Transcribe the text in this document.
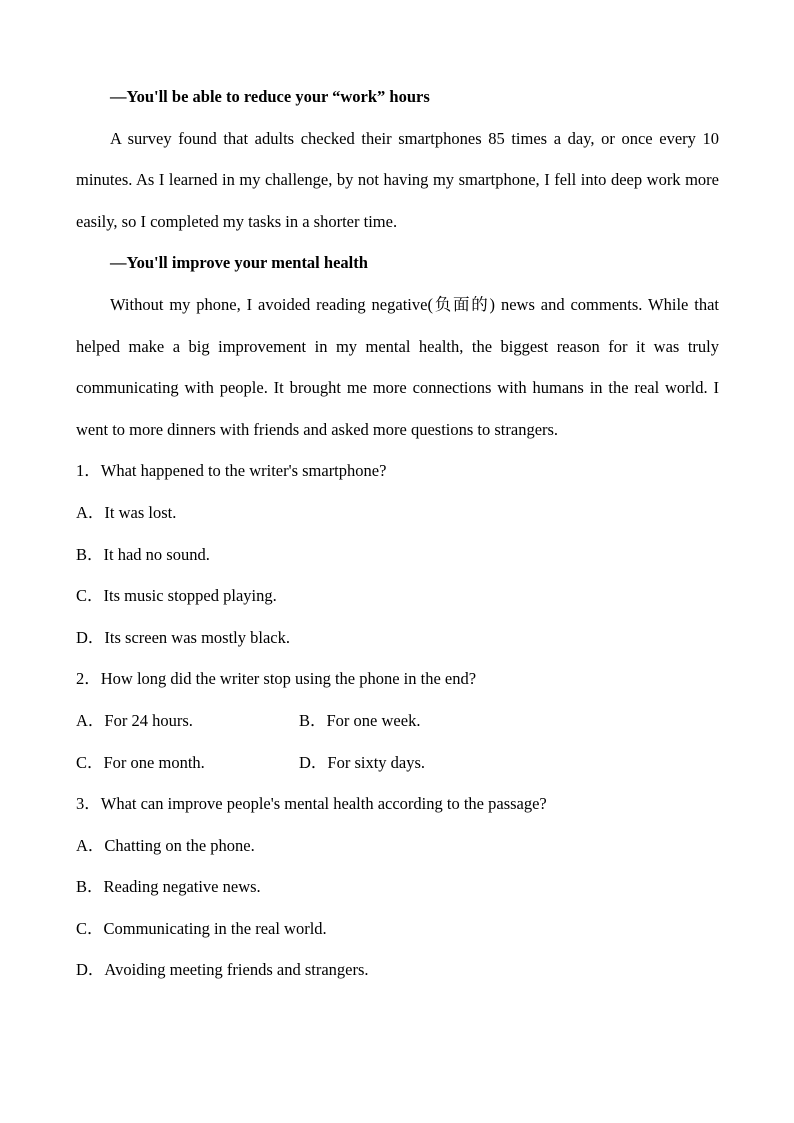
—You'll be able to reduce your “work” hours

A survey found that adults checked their smartphones 85 times a day, or once every 10 minutes. As I learned in my challenge, by not having my smartphone, I fell into deep work more easily, so I completed my tasks in a shorter time.

—You'll improve your mental health

Without my phone, I avoided reading negative(负面的) news and comments. While that helped make a big improvement in my mental health, the biggest reason for it was truly communicating with people. It brought me more connections with humans in the real world. I went to more dinners with friends and asked more questions to strangers.

1．What happened to the writer's smartphone?

A．It was lost.

B．It had no sound.

C．Its music stopped playing.

D．Its screen was mostly black.

2．How long did the writer stop using the phone in the end?

A．For 24 hours.	B．For one week.
C．For one month.	D．For sixty days.

3．What can improve people's mental health according to the passage?

A．Chatting on the phone.

B．Reading negative news.

C．Communicating in the real world.

D．Avoiding meeting friends and strangers.
